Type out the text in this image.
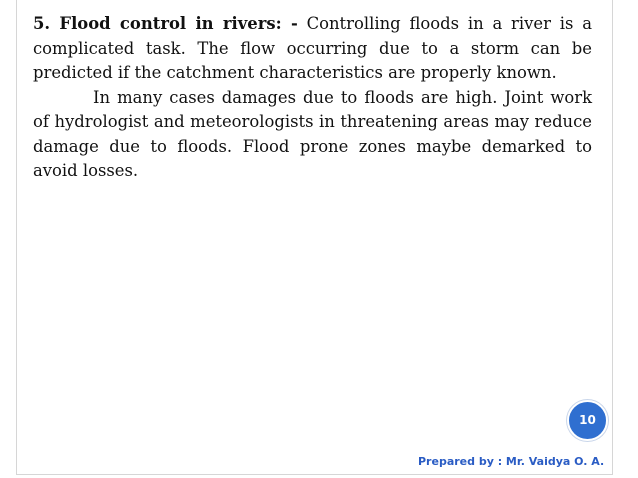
5. Flood control in rivers: - Controlling floods in a river is a complicated task. The flow occurring due to a storm can be predicted if the catchment characteristics are properly known.

In many cases damages due to floods are high. Joint work of hydrologist and meteorologists in threatening areas may reduce damage due to floods. Flood prone zones maybe demarked to avoid losses.

10
Prepared by : Mr. Vaidya O. A.
